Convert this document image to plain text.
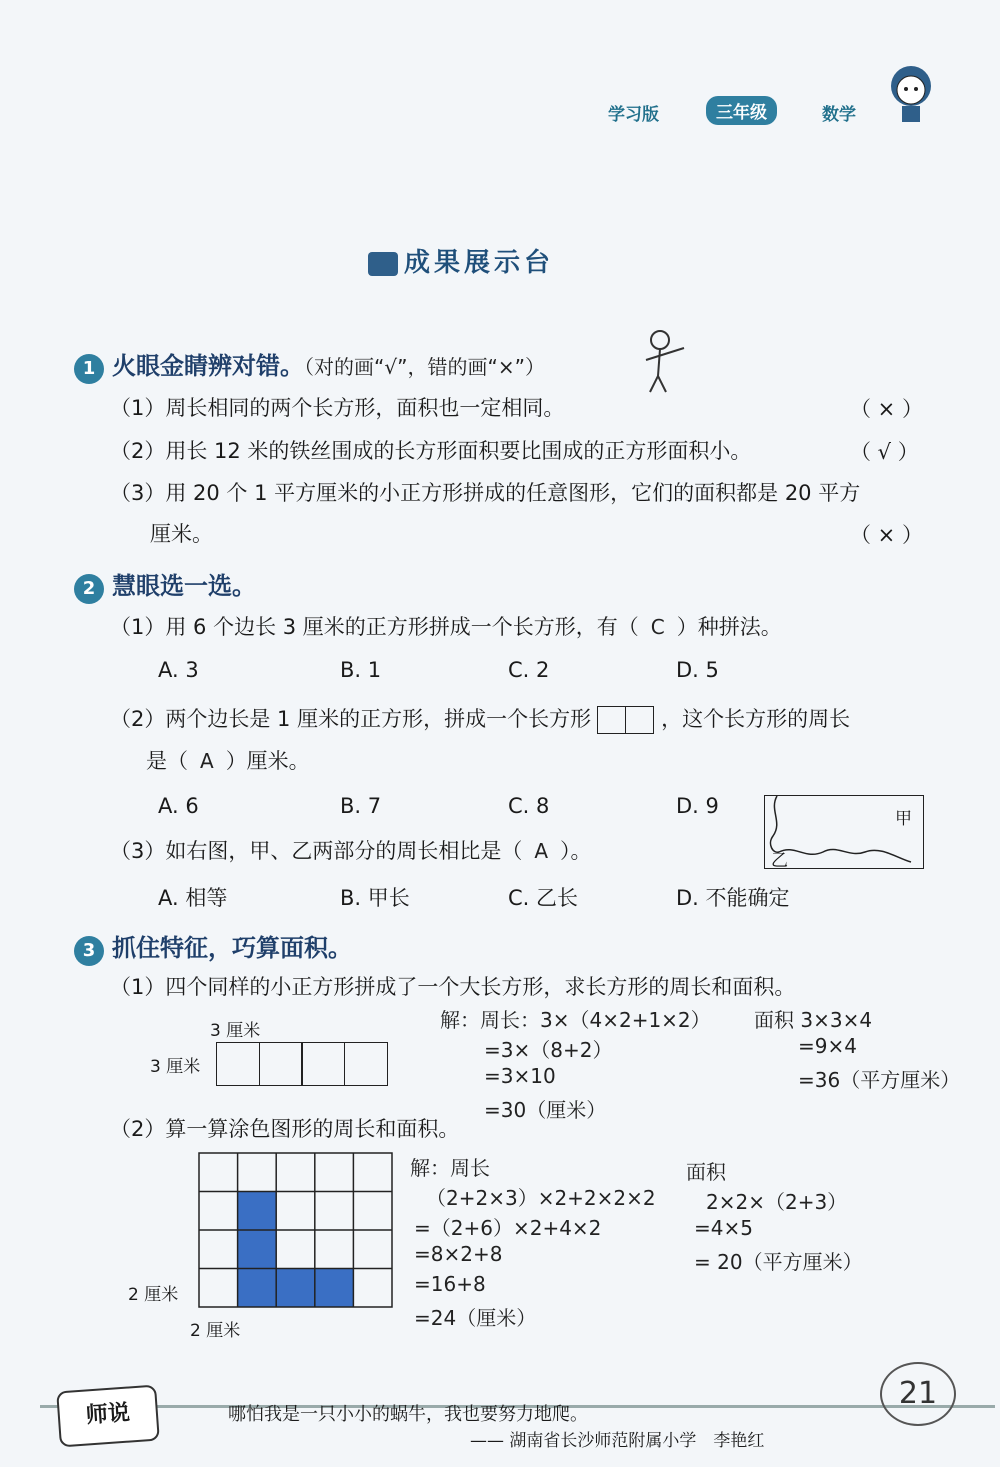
学习版	三年级	数学
成果展示台
1 火眼金睛辨对错。（对的画“√”，错的画“×”）
（1）周长相同的两个长方形，面积也一定相同。	（ × ）
（2）用长 12 米的铁丝围成的长方形面积要比围成的正方形面积小。	（ √ ）
（3）用 20 个 1 平方厘米的小正方形拼成的任意图形，它们的面积都是 20 平方
厘米。	（ × ）
2 慧眼选一选。
（1）用 6 个边长 3 厘米的正方形拼成一个长方形，有（ C ）种拼法。
A. 3	B. 1	C. 2	D. 5
（2）两个边长是 1 厘米的正方形，拼成一个长方形	，这个长方形的周长
是（ A ）厘米。
A. 6	B. 7	C. 8	D. 9
甲
乙
（3）如右图，甲、乙两部分的周长相比是（ A ）。
A. 相等	B. 甲长	C. 乙长	D. 不能确定
3 抓住特征，巧算面积。
（1）四个同样的小正方形拼成了一个大长方形，求长方形的周长和面积。
3 厘米
3 厘米
解：周长：3×（4×2+1×2）
=3×（8+2）
=3×10
=30（厘米）
面积 3×3×4
=9×4
=36（平方厘米）
（2）算一算涂色图形的周长和面积。
2 厘米
2 厘米
解：周长
（2+2×3）×2+2×2×2
=（2+6）×2+4×2
=8×2+8
=16+8
=24（厘米）
面积
2×2×（2+3）
=4×5
= 20（平方厘米）
师说	哪怕我是一只小小的蜗牛，我也要努力地爬。
—— 湖南省长沙师范附属小学　李艳红
21
